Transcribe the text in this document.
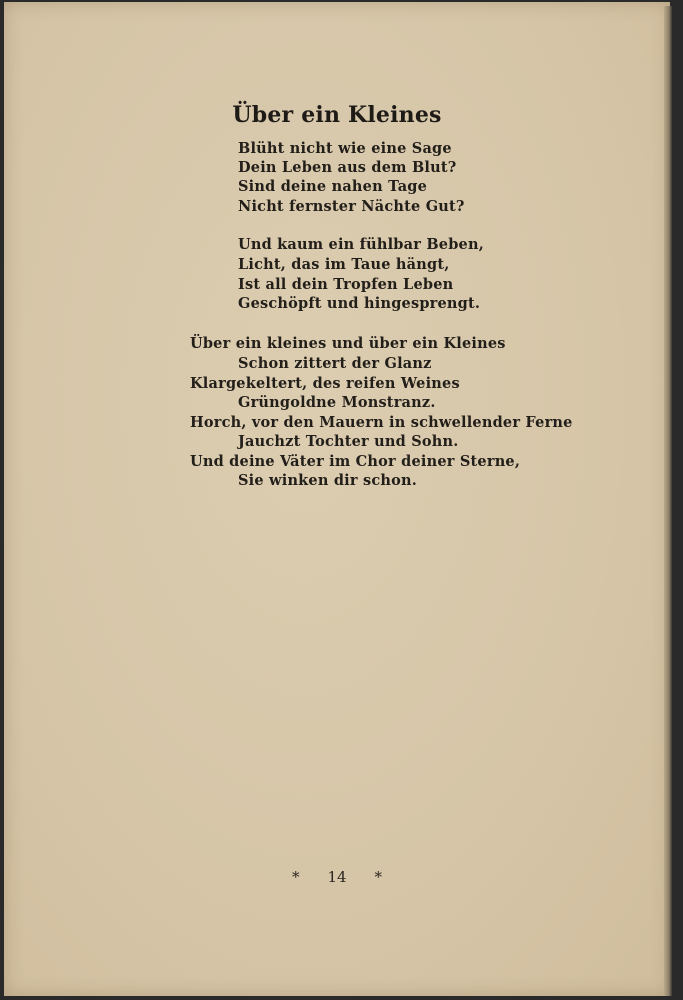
Über ein Kleines
Blüht nicht wie eine Sage
Dein Leben aus dem Blut?
Sind deine nahen Tage
Nicht fernster Nächte Gut?
Und kaum ein fühlbar Beben,
Licht, das im Taue hängt,
Ist all dein Tropfen Leben
Geschöpft und hingesprengt.
Über ein kleines und über ein Kleines
Schon zittert der Glanz
Klargekeltert, des reifen Weines
Grüngoldne Monstranz.
Horch, vor den Mauern in schwellender Ferne
Jauchzt Tochter und Sohn.
Und deine Väter im Chor deiner Sterne,
Sie winken dir schon.
* 14 *
